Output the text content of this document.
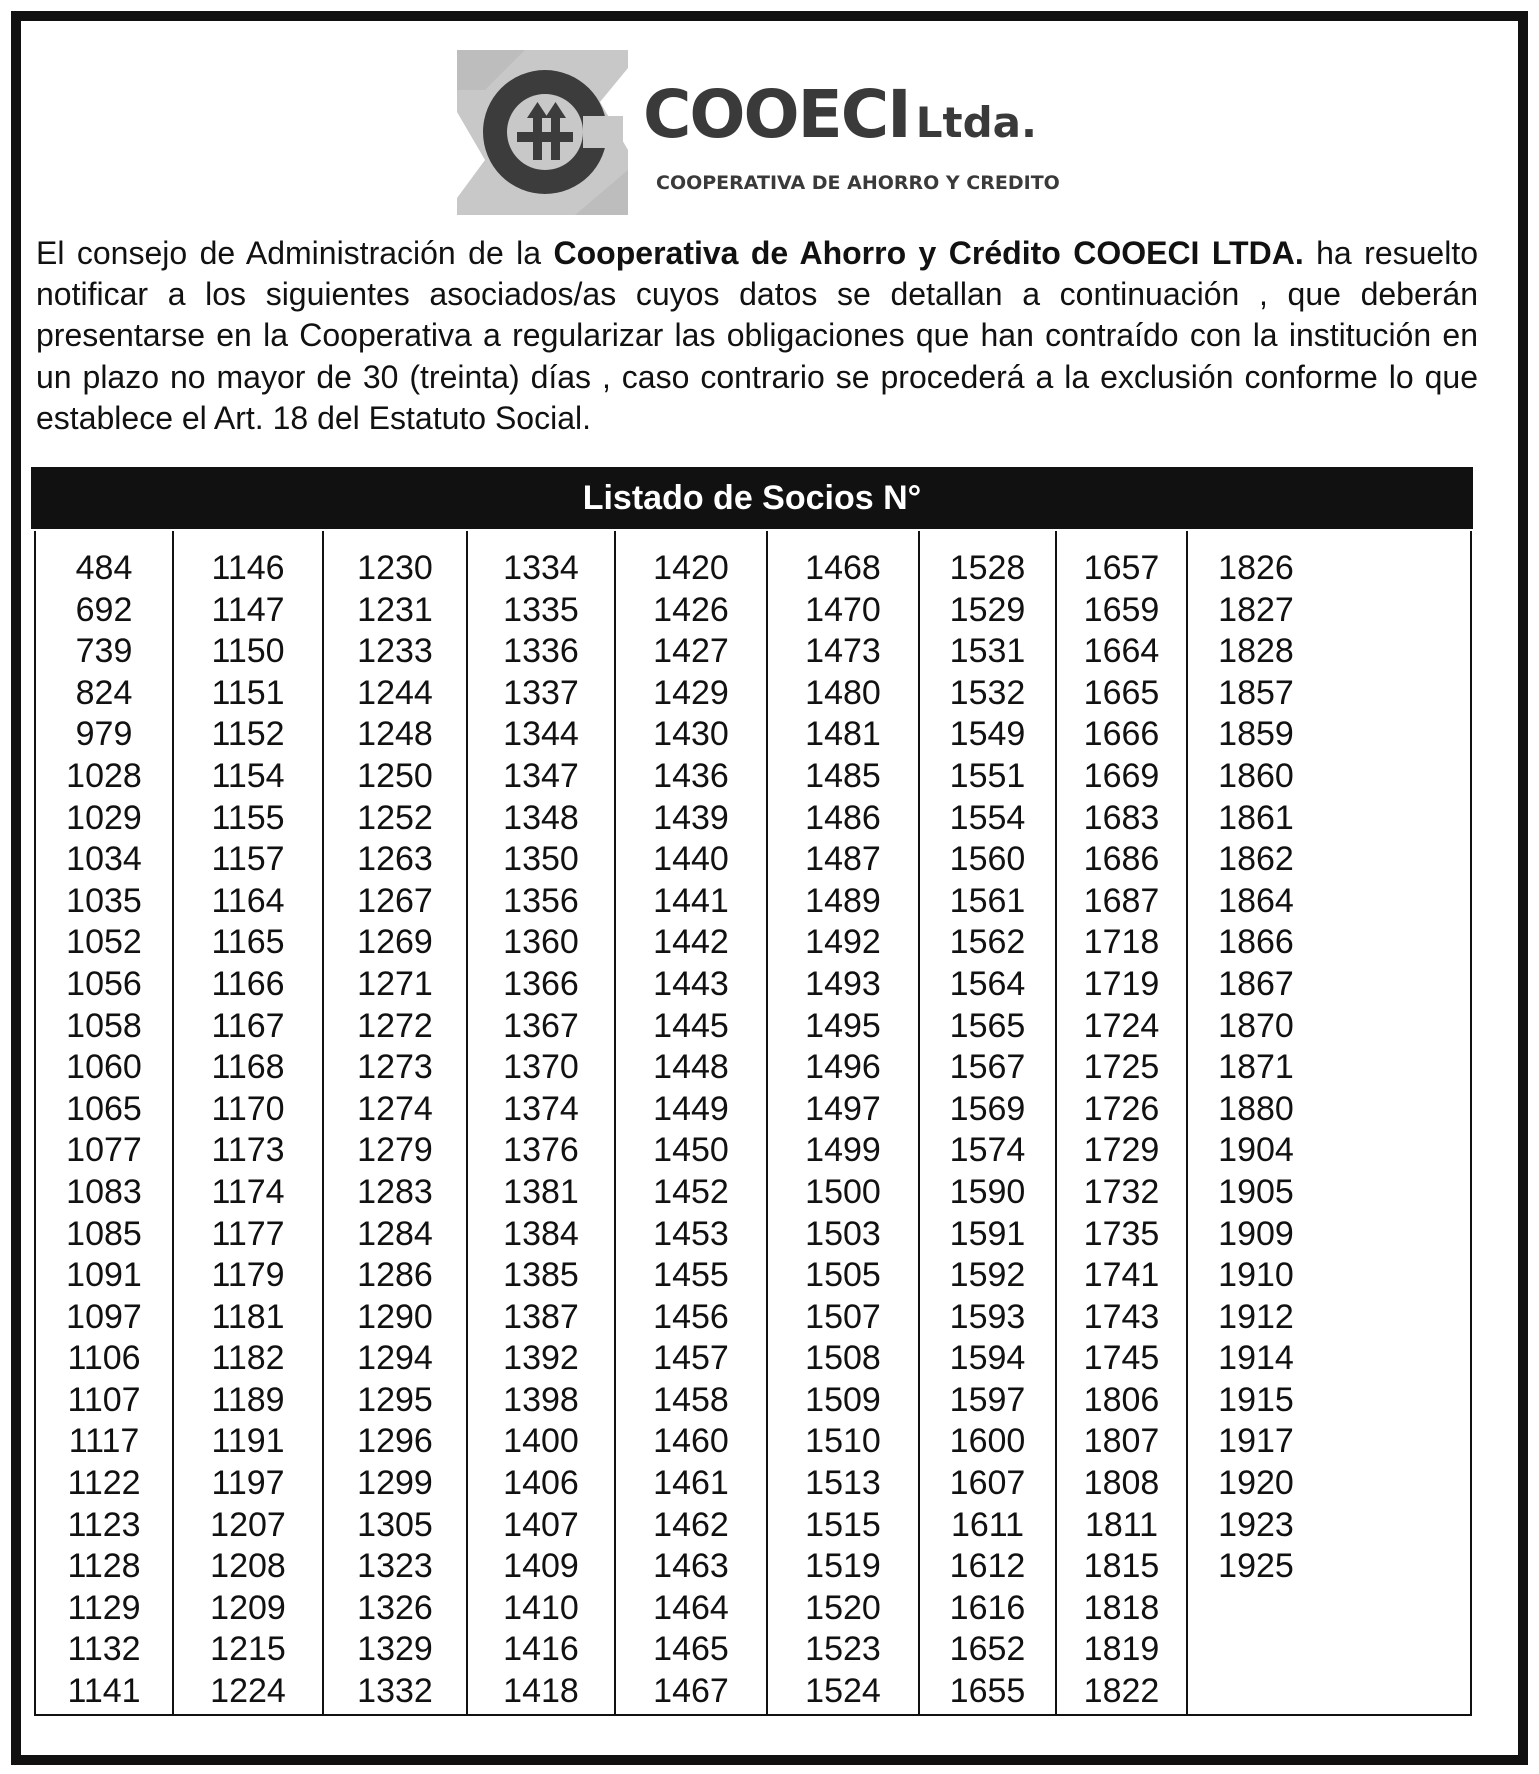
COOECI Ltda.
COOPERATIVA DE AHORRO Y CREDITO

El consejo de Administración de la Cooperativa de Ahorro y Crédito COOECI LTDA. ha resuelto notificar a los siguientes asociados/as cuyos datos se detallan a continuación , que deberán presentarse en la Cooperativa a regularizar las obligaciones que han contraído con la institución en un plazo no mayor de 30 (treinta) días , caso contrario se procederá a la exclusión conforme lo que establece el Art. 18 del Estatuto Social.

Listado de Socios N°
484
692
739
824
979
1028
1029
1034
1035
1052
1056
1058
1060
1065
1077
1083
1085
1091
1097
1106
1107
1117
1122
1123
1128
1129
1132
1141
1146
1147
1150
1151
1152
1154
1155
1157
1164
1165
1166
1167
1168
1170
1173
1174
1177
1179
1181
1182
1189
1191
1197
1207
1208
1209
1215
1224
1230
1231
1233
1244
1248
1250
1252
1263
1267
1269
1271
1272
1273
1274
1279
1283
1284
1286
1290
1294
1295
1296
1299
1305
1323
1326
1329
1332
1334
1335
1336
1337
1344
1347
1348
1350
1356
1360
1366
1367
1370
1374
1376
1381
1384
1385
1387
1392
1398
1400
1406
1407
1409
1410
1416
1418
1420
1426
1427
1429
1430
1436
1439
1440
1441
1442
1443
1445
1448
1449
1450
1452
1453
1455
1456
1457
1458
1460
1461
1462
1463
1464
1465
1467
1468
1470
1473
1480
1481
1485
1486
1487
1489
1492
1493
1495
1496
1497
1499
1500
1503
1505
1507
1508
1509
1510
1513
1515
1519
1520
1523
1524
1528
1529
1531
1532
1549
1551
1554
1560
1561
1562
1564
1565
1567
1569
1574
1590
1591
1592
1593
1594
1597
1600
1607
1611
1612
1616
1652
1655
1657
1659
1664
1665
1666
1669
1683
1686
1687
1718
1719
1724
1725
1726
1729
1732
1735
1741
1743
1745
1806
1807
1808
1811
1815
1818
1819
1822
1826
1827
1828
1857
1859
1860
1861
1862
1864
1866
1867
1870
1871
1880
1904
1905
1909
1910
1912
1914
1915
1917
1920
1923
1925
